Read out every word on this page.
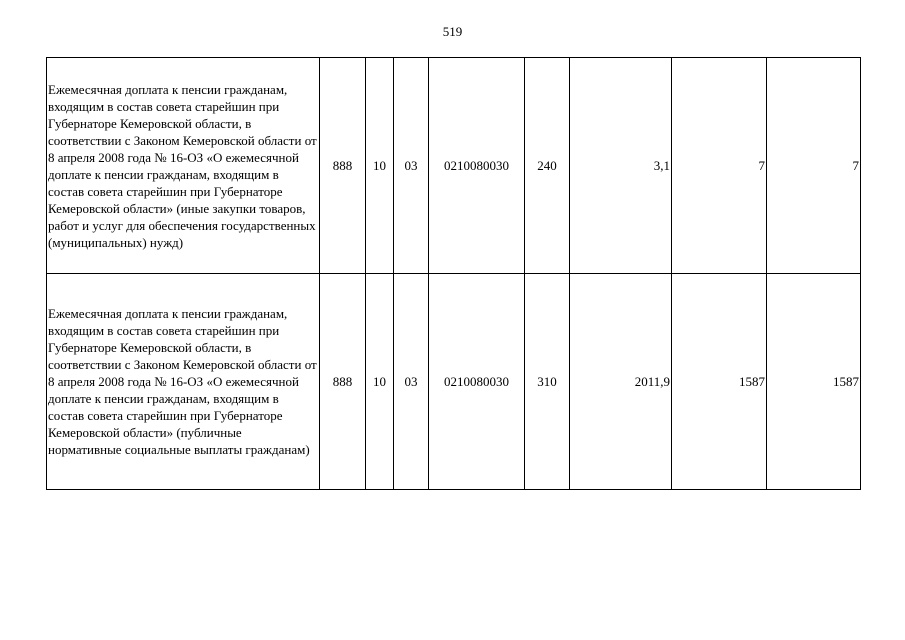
519
Ежемесячная доплата к пенсии гражданам, входящим в состав совета старейшин при Губернаторе Кемеровской области, в соответствии с Законом Кемеровской области от 8 апреля 2008 года № 16-ОЗ «О ежемесячной доплате к пенсии гражданам, входящим в состав совета старейшин при Губернаторе Кемеровской области» (иные закупки товаров, работ и услуг для обеспечения государственных (муниципальных) нужд)	888	10	03	0210080030	240	3,1	7	7
Ежемесячная доплата к пенсии гражданам, входящим в состав совета старейшин при Губернаторе Кемеровской области, в соответствии с Законом Кемеровской области от 8 апреля 2008 года № 16-ОЗ «О ежемесячной доплате к пенсии гражданам, входящим в состав совета старейшин при Губернаторе Кемеровской области» (публичные нормативные социальные выплаты гражданам)	888	10	03	0210080030	310	2011,9	1587	1587
